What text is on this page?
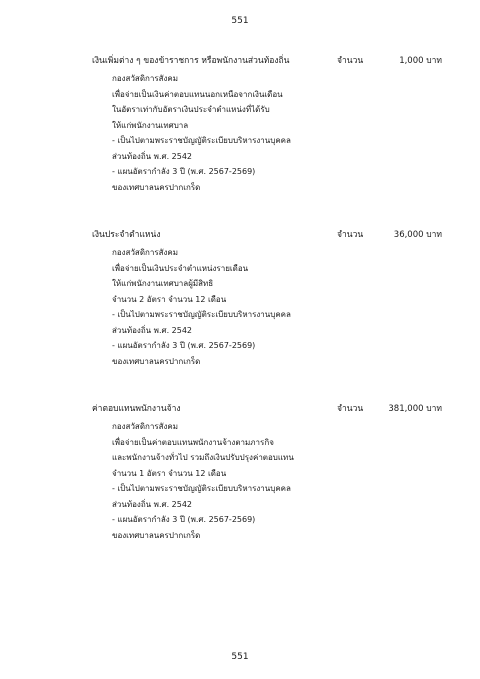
551
เงินเพิ่มต่าง ๆ ของข้าราชการ หรือพนักงานส่วนท้องถิ่น	จำนวน	1,000 บาท
กองสวัสดิการสังคม
เพื่อจ่ายเป็นเงินค่าตอบแทนนอกเหนือจากเงินเดือน
ในอัตราเท่ากับอัตราเงินประจำตำแหน่งที่ได้รับ
ให้แก่พนักงานเทศบาล
- เป็นไปตามพระราชบัญญัติระเบียบบริหารงานบุคคล
ส่วนท้องถิ่น พ.ศ. 2542
- แผนอัตรากำลัง 3 ปี (พ.ศ. 2567-2569)
ของเทศบาลนครปากเกร็ด
เงินประจำตำแหน่ง	จำนวน	36,000 บาท
กองสวัสดิการสังคม
เพื่อจ่ายเป็นเงินประจำตำแหน่งรายเดือน
ให้แก่พนักงานเทศบาลผู้มีสิทธิ
จำนวน 2 อัตรา จำนวน 12 เดือน
- เป็นไปตามพระราชบัญญัติระเบียบบริหารงานบุคคล
ส่วนท้องถิ่น พ.ศ. 2542
- แผนอัตรากำลัง 3 ปี (พ.ศ. 2567-2569)
ของเทศบาลนครปากเกร็ด
ค่าตอบแทนพนักงานจ้าง	จำนวน	381,000 บาท
กองสวัสดิการสังคม
เพื่อจ่ายเป็นค่าตอบแทนพนักงานจ้างตามภารกิจ
และพนักงานจ้างทั่วไป รวมถึงเงินปรับปรุงค่าตอบแทน
จำนวน 1 อัตรา จำนวน 12 เดือน
- เป็นไปตามพระราชบัญญัติระเบียบบริหารงานบุคคล
ส่วนท้องถิ่น พ.ศ. 2542
- แผนอัตรากำลัง 3 ปี (พ.ศ. 2567-2569)
ของเทศบาลนครปากเกร็ด
551
